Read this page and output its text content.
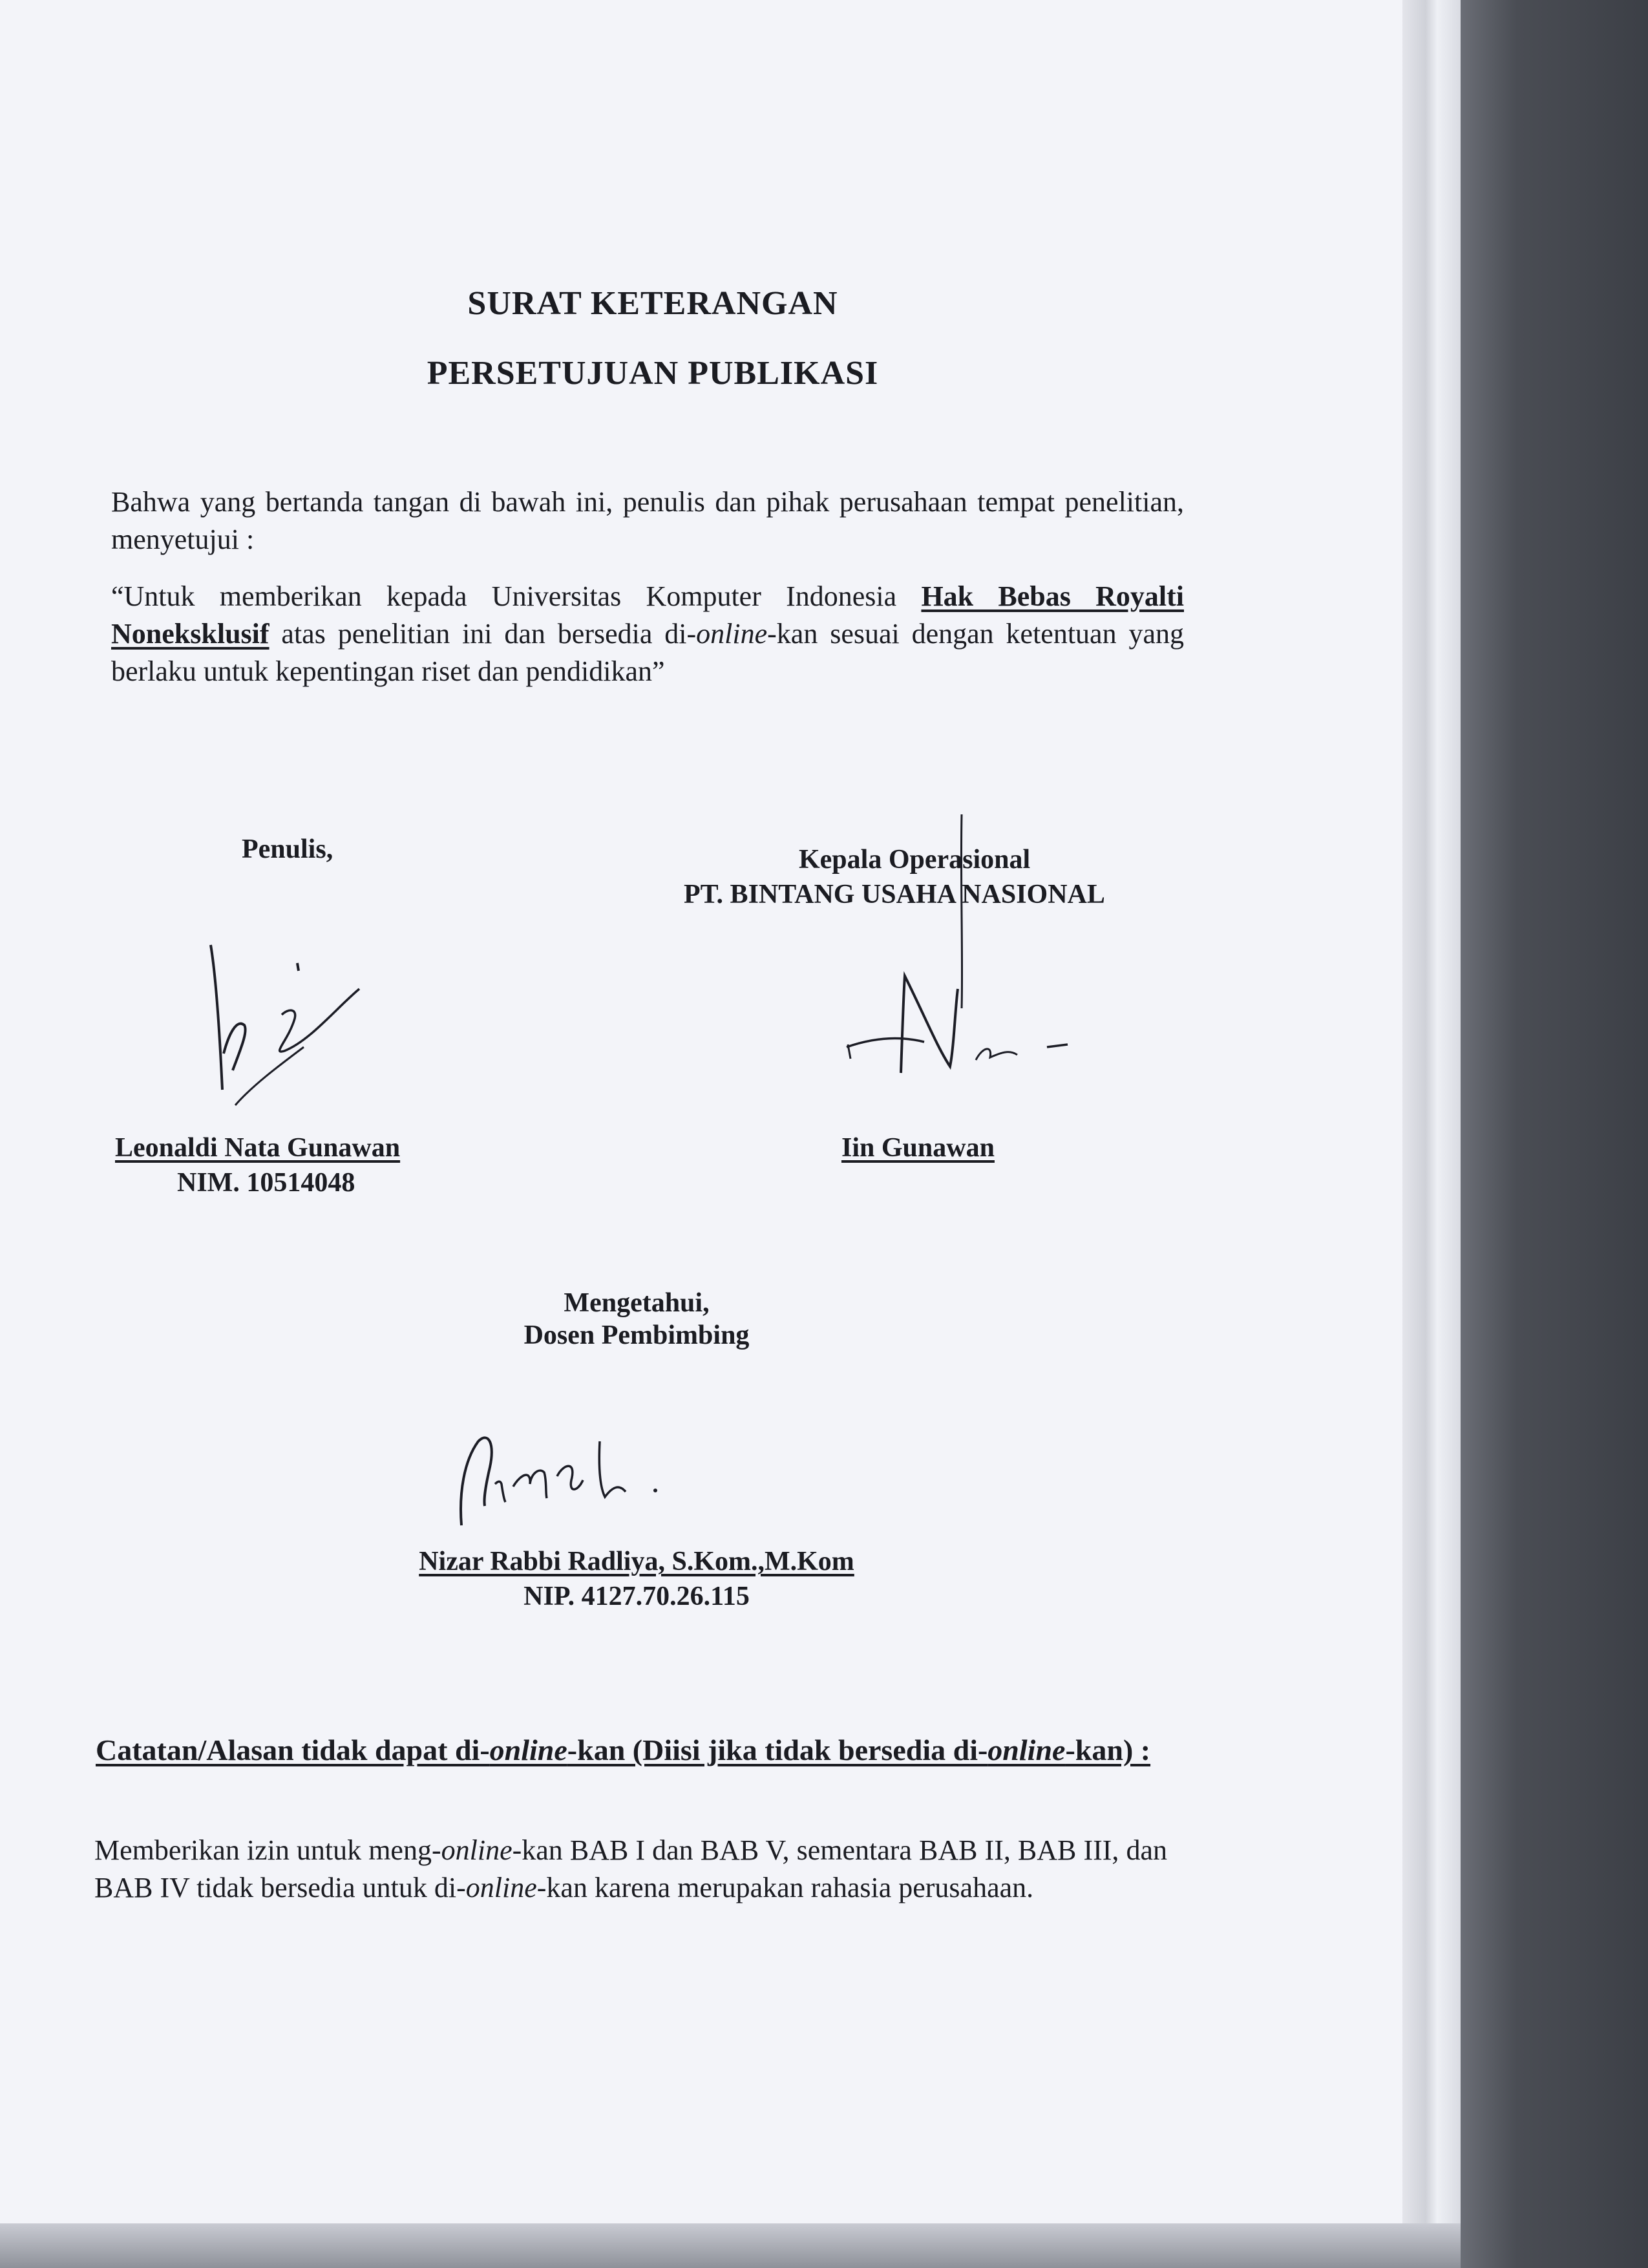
SURAT KETERANGAN
PERSETUJUAN PUBLIKASI
Bahwa yang bertanda tangan di bawah ini, penulis dan pihak perusahaan tempat penelitian, menyetujui :
“Untuk memberikan kepada Universitas Komputer Indonesia Hak Bebas Royalti Noneksklusif atas penelitian ini dan bersedia di-online-kan sesuai dengan ketentuan yang berlaku untuk kepentingan riset dan pendidikan”
Penulis,
Leonaldi Nata Gunawan
NIM. 10514048
Kepala Operasional
PT. BINTANG USAHA NASIONAL
Iin Gunawan
Mengetahui,
Dosen Pembimbing
Nizar Rabbi Radliya, S.Kom.,M.Kom
NIP. 4127.70.26.115
Catatan/Alasan tidak dapat di-online-kan (Diisi jika tidak bersedia di-online-kan) :
Memberikan izin untuk meng-online-kan BAB I dan BAB V, sementara BAB II, BAB III, dan BAB IV tidak bersedia untuk di-online-kan karena merupakan rahasia perusahaan.
